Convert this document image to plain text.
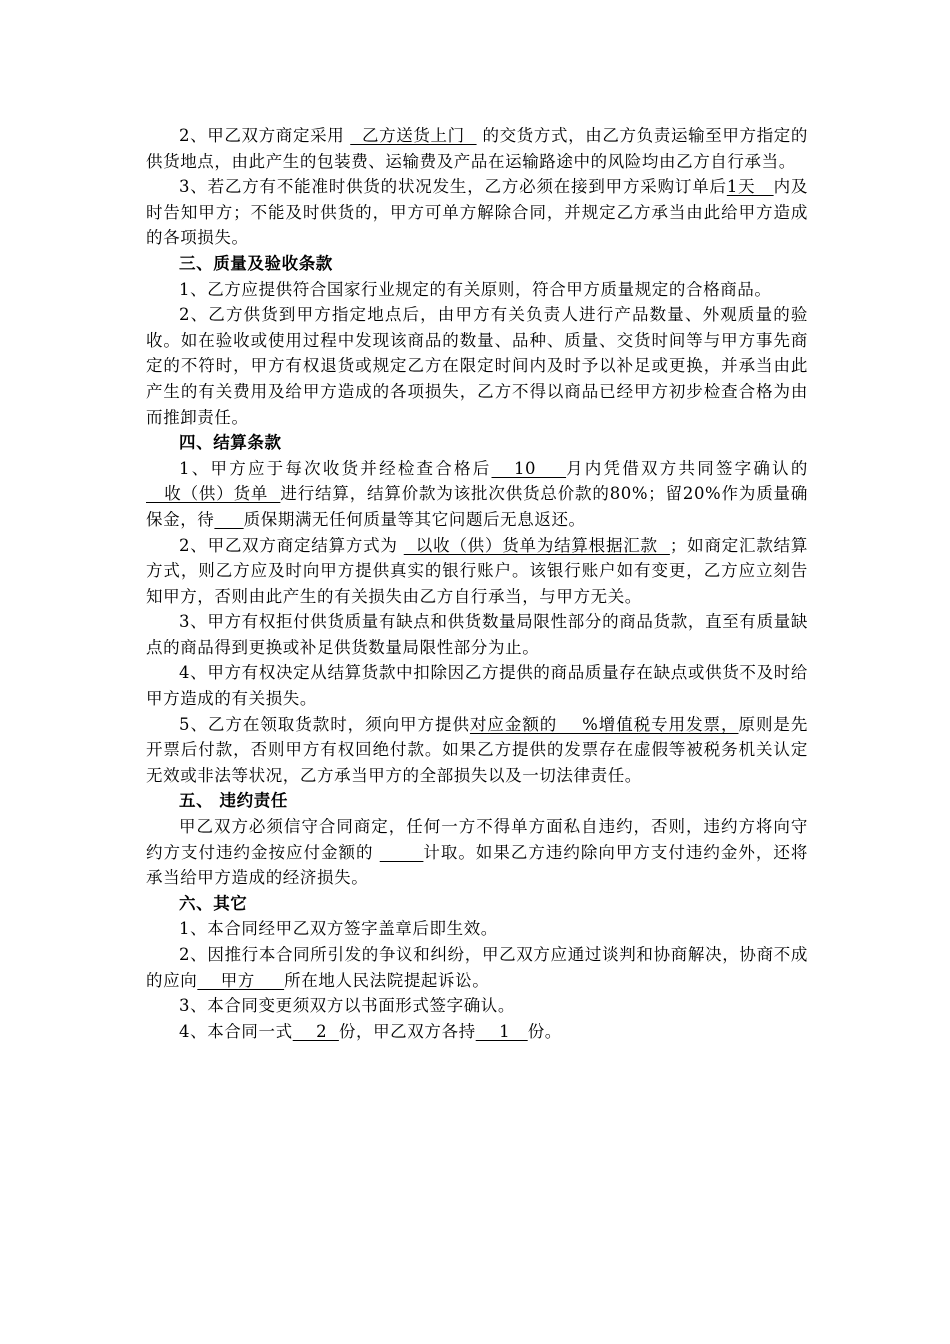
2、甲乙双方商定采用   乙方送货上门   的交货方式，由乙方负责运输至甲方指定的供货地点，由此产生的包装费、运输费及产品在运输路途中的风险均由乙方自行承当。

3、若乙方有不能准时供货的状况发生，乙方必须在接到甲方采购订单后1天   内及时告知甲方；不能及时供货的，甲方可单方解除合同，并规定乙方承当由此给甲方造成的各项损失。

三、质量及验收条款

1、乙方应提供符合国家行业规定的有关原则，符合甲方质量规定的合格商品。

2、乙方供货到甲方指定地点后，由甲方有关负责人进行产品数量、外观质量的验收。如在验收或使用过程中发现该商品的数量、品种、质量、交货时间等与甲方事先商定的不符时，甲方有权退货或规定乙方在限定时间内及时予以补足或更换，并承当由此产生的有关费用及给甲方造成的各项损失，乙方不得以商品已经甲方初步检查合格为由而推卸责任。

四、结算条款

1、甲方应于每次收货并经检查合格后   10    月内凭借双方共同签字确认的   收（供）货单  进行结算，结算价款为该批次供货总价款的80%；留20%作为质量确保金，待 质保期满无任何质量等其它问题后无息返还。

2、甲乙双方商定结算方式为   以收（供）货单为结算根据汇款  ；如商定汇款结算方式，则乙方应及时向甲方提供真实的银行账户。该银行账户如有变更，乙方应立刻告知甲方，否则由此产生的有关损失由乙方自行承当，与甲方无关。

3、甲方有权拒付供货质量有缺点和供货数量局限性部分的商品货款，直至有质量缺点的商品得到更换或补足供货数量局限性部分为止。

4、甲方有权决定从结算货款中扣除因乙方提供的商品质量存在缺点或供货不及时给甲方造成的有关损失。

5、乙方在领取货款时，须向甲方提供对应金额的    %增值税专用发票，原则是先开票后付款，否则甲方有权回绝付款。如果乙方提供的发票存在虚假等被税务机关认定无效或非法等状况，乙方承当甲方的全部损失以及一切法律责任。

五、 违约责任

甲乙双方必须信守合同商定，任何一方不得单方面私自违约，否则，违约方将向守约方支付违约金按应付金额的	计取。如果乙方违约除向甲方支付违约金外，还将承当给甲方造成的经济损失。

六、其它

1、本合同经甲乙双方签字盖章后即生效。

2、因推行本合同所引发的争议和纠纷，甲乙双方应通过谈判和协商解决，协商不成的应向    甲方     所在地人民法院提起诉讼。

3、本合同变更须双方以书面形式签字确认。

4、本合同一式    2  份，甲乙双方各持    1   份。
